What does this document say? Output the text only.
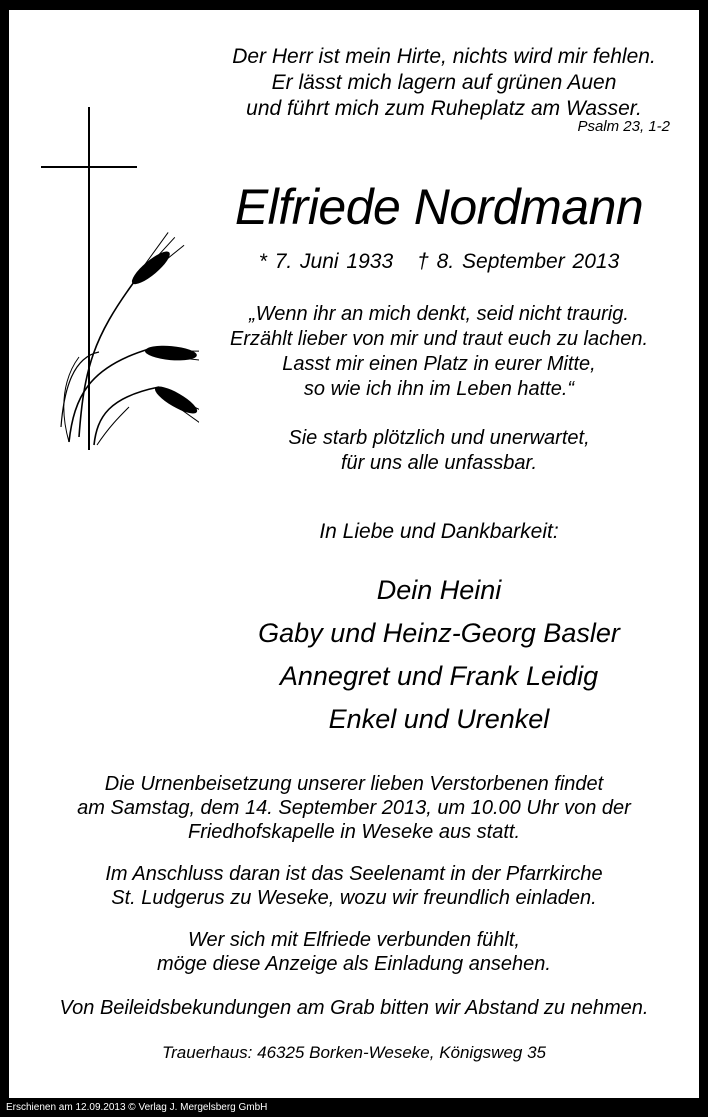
Der Herr ist mein Hirte, nichts wird mir fehlen.
Er lässt mich lagern auf grünen Auen
und führt mich zum Ruheplatz am Wasser.
Psalm 23, 1-2
Elfriede Nordmann
* 7. Juni 1933 † 8. September 2013
„Wenn ihr an mich denkt, seid nicht traurig.
Erzählt lieber von mir und traut euch zu lachen.
Lasst mir einen Platz in eurer Mitte,
so wie ich ihn im Leben hatte.“
Sie starb plötzlich und unerwartet,
für uns alle unfassbar.
In Liebe und Dankbarkeit:
Dein Heini
Gaby und Heinz-Georg Basler
Annegret und Frank Leidig
Enkel und Urenkel
Die Urnenbeisetzung unserer lieben Verstorbenen findet
am Samstag, dem 14. September 2013, um 10.00 Uhr von der
Friedhofskapelle in Weseke aus statt.
Im Anschluss daran ist das Seelenamt in der Pfarrkirche
St. Ludgerus zu Weseke, wozu wir freundlich einladen.
Wer sich mit Elfriede verbunden fühlt,
möge diese Anzeige als Einladung ansehen.
Von Beileidsbekundungen am Grab bitten wir Abstand zu nehmen.
Trauerhaus: 46325 Borken-Weseke, Königsweg 35
Erschienen am 12.09.2013 © Verlag J. Mergelsberg GmbH
